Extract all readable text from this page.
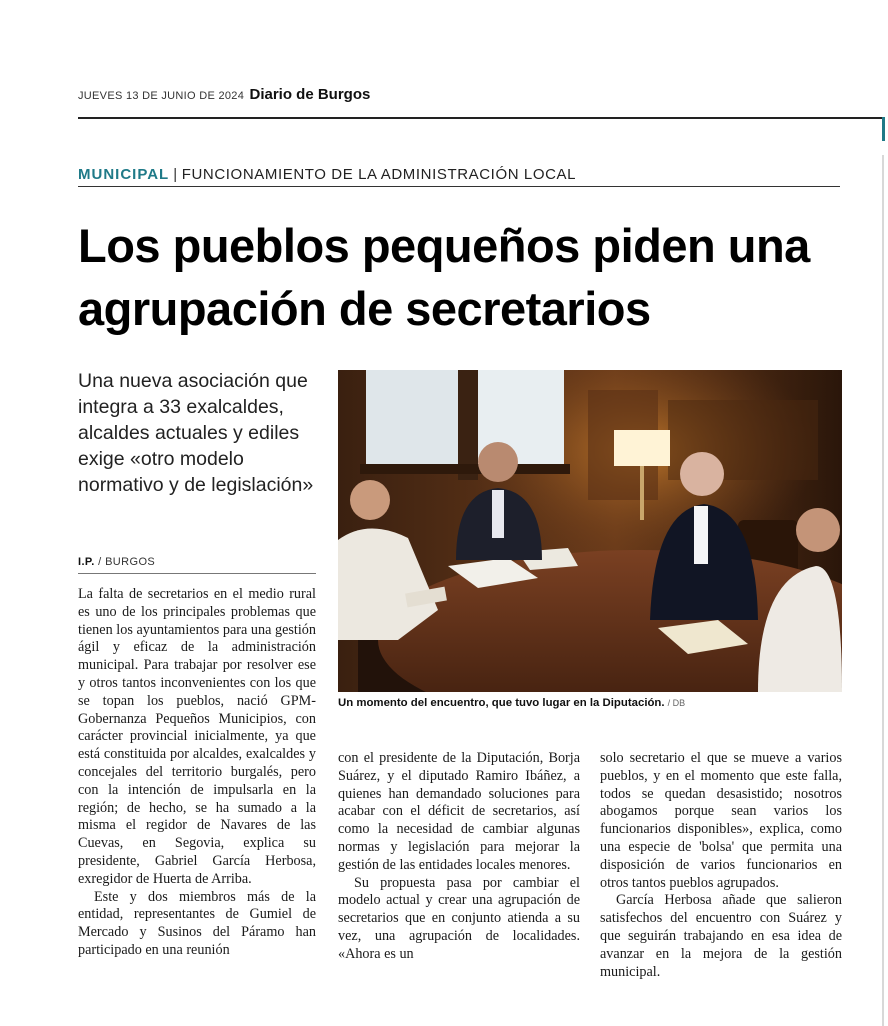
JUEVES 13 DE JUNIO DE 2024 Diario de Burgos
MUNICIPAL | FUNCIONAMIENTO DE LA ADMINISTRACIÓN LOCAL
Los pueblos pequeños piden una agrupación de secretarios

Una nueva asociación que integra a 33 exalcaldes, alcaldes actuales y ediles exige «otro modelo normativo y de legislación»

I.P. / BURGOS
Un momento del encuentro, que tuvo lugar en la Diputación. / DB

La falta de secretarios en el medio rural es uno de los principales problemas que tienen los ayuntamientos para una gestión ágil y eficaz de la administración municipal. Para trabajar por resolver ese y otros tantos inconvenientes con los que se topan los pueblos, nació GPM-Gobernanza Pequeños Municipios, con carácter provincial inicialmente, ya que está constituida por alcaldes, exalcaldes y concejales del territorio burgalés, pero con la intención de impulsarla en la región; de hecho, se ha sumado a la misma el regidor de Navares de las Cuevas, en Segovia, explica su presidente, Gabriel García Herbosa, exregidor de Huerta de Arriba.

Este y dos miembros más de la entidad, representantes de Gumiel de Mercado y Susinos del Páramo han participado en una reunión

con el presidente de la Diputación, Borja Suárez, y el diputado Ramiro Ibáñez, a quienes han demandado soluciones para acabar con el déficit de secretarios, así como la necesidad de cambiar algunas normas y legislación para mejorar la gestión de las entidades locales menores.

Su propuesta pasa por cambiar el modelo actual y crear una agrupación de secretarios que en conjunto atienda a su vez, una agrupación de localidades. «Ahora es un

solo secretario el que se mueve a varios pueblos, y en el momento que este falla, todos se quedan desasistido; nosotros abogamos porque sean varios los funcionarios disponibles», explica, como una especie de 'bolsa' que permita una disposición de varios funcionarios en otros tantos pueblos agrupados.

García Herbosa añade que salieron satisfechos del encuentro con Suárez y que seguirán trabajando en esa idea de avanzar en la mejora de la gestión municipal.
